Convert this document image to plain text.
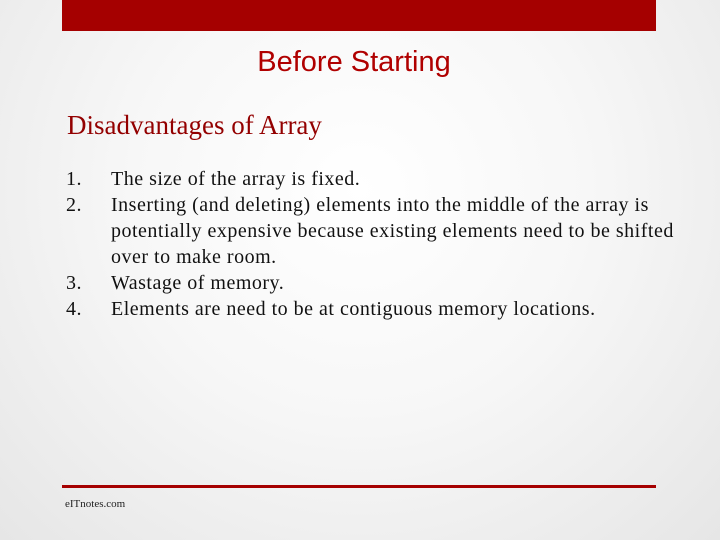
Before Starting
Disadvantages of Array
1.	The size of the array is fixed.
2.	Inserting (and deleting) elements into the middle of the array is potentially expensive because existing elements need to be shifted over to make room.
3.	Wastage of memory.
4.	Elements are need to be at contiguous memory locations.
eITnotes.com
